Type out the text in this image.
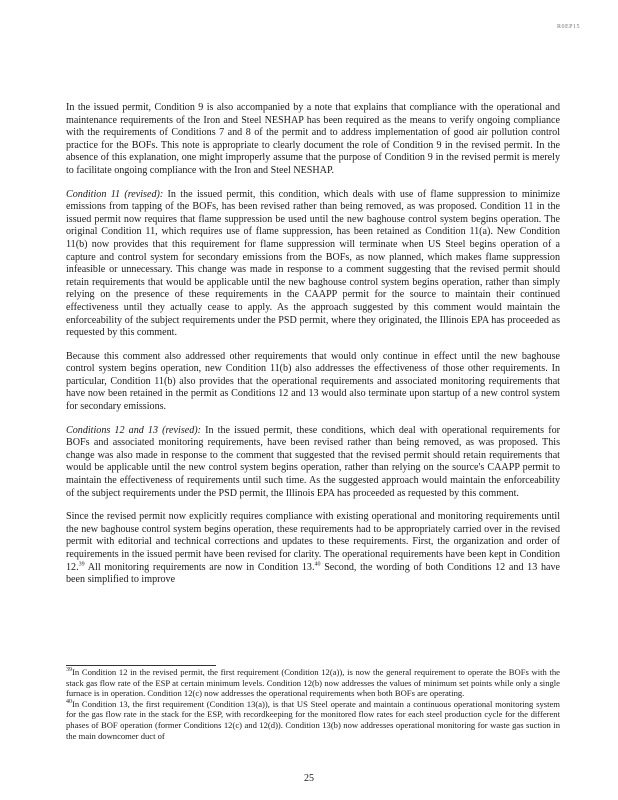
R0EP15

In the issued permit, Condition 9 is also accompanied by a note that explains that compliance with the operational and maintenance requirements of the Iron and Steel NESHAP has been required as the means to verify ongoing compliance with the requirements of Conditions 7 and 8 of the permit and to address implementation of good air pollution control practice for the BOFs. This note is appropriate to clearly document the role of Condition 9 in the revised permit. In the absence of this explanation, one might improperly assume that the purpose of Condition 9 in the revised permit is merely to facilitate ongoing compliance with the Iron and Steel NESHAP.

Condition 11 (revised): In the issued permit, this condition, which deals with use of flame suppression to minimize emissions from tapping of the BOFs, has been revised rather than being removed, as was proposed. Condition 11 in the issued permit now requires that flame suppression be used until the new baghouse control system begins operation. The original Condition 11, which requires use of flame suppression, has been retained as Condition 11(a). New Condition 11(b) now provides that this requirement for flame suppression will terminate when US Steel begins operation of a capture and control system for secondary emissions from the BOFs, as now planned, which makes flame suppression infeasible or unnecessary. This change was made in response to a comment suggesting that the revised permit should retain requirements that would be applicable until the new baghouse control system begins operation, rather than simply relying on the presence of these requirements in the CAAPP permit for the source to maintain their continued effectiveness until they actually cease to apply. As the approach suggested by this comment would maintain the enforceability of the subject requirements under the PSD permit, where they originated, the Illinois EPA has proceeded as requested by this comment.

Because this comment also addressed other requirements that would only continue in effect until the new baghouse control system begins operation, new Condition 11(b) also addresses the effectiveness of those other requirements. In particular, Condition 11(b) also provides that the operational requirements and associated monitoring requirements that have now been retained in the permit as Conditions 12 and 13 would also terminate upon startup of a new control system for secondary emissions.

Conditions 12 and 13 (revised): In the issued permit, these conditions, which deal with operational requirements for BOFs and associated monitoring requirements, have been revised rather than being removed, as was proposed. This change was also made in response to the comment that suggested that the revised permit should retain requirements that would be applicable until the new control system begins operation, rather than relying on the source's CAAPP permit to maintain the effectiveness of requirements until such time. As the suggested approach would maintain the enforceability of the subject requirements under the PSD permit, the Illinois EPA has proceeded as requested by this comment.

Since the revised permit now explicitly requires compliance with existing operational and monitoring requirements until the new baghouse control system begins operation, these requirements had to be appropriately carried over in the revised permit with editorial and technical corrections and updates to these requirements. First, the organization and order of requirements in the issued permit have been revised for clarity. The operational requirements have been kept in Condition 12.39 All monitoring requirements are now in Condition 13.40 Second, the wording of both Conditions 12 and 13 have been simplified to improve

$^{39}$In Condition 12 in the revised permit, the first requirement (Condition 12(a)), is now the general requirement to operate the BOFs with the stack gas flow rate of the ESP at certain minimum levels. Condition 12(b) now addresses the values of minimum set points while only a single furnace is in operation. Condition 12(c) now addresses the operational requirements when both BOFs are operating.

$^{40}$In Condition 13, the first requirement (Condition 13(a)), is that US Steel operate and maintain a continuous operational monitoring system for the gas flow rate in the stack for the ESP, with recordkeeping for the monitored flow rates for each steel production cycle for the different phases of BOF operation (former Conditions 12(c) and 12(d)). Condition 13(b) now addresses operational monitoring for waste gas suction in the main downcomer duct of

25
